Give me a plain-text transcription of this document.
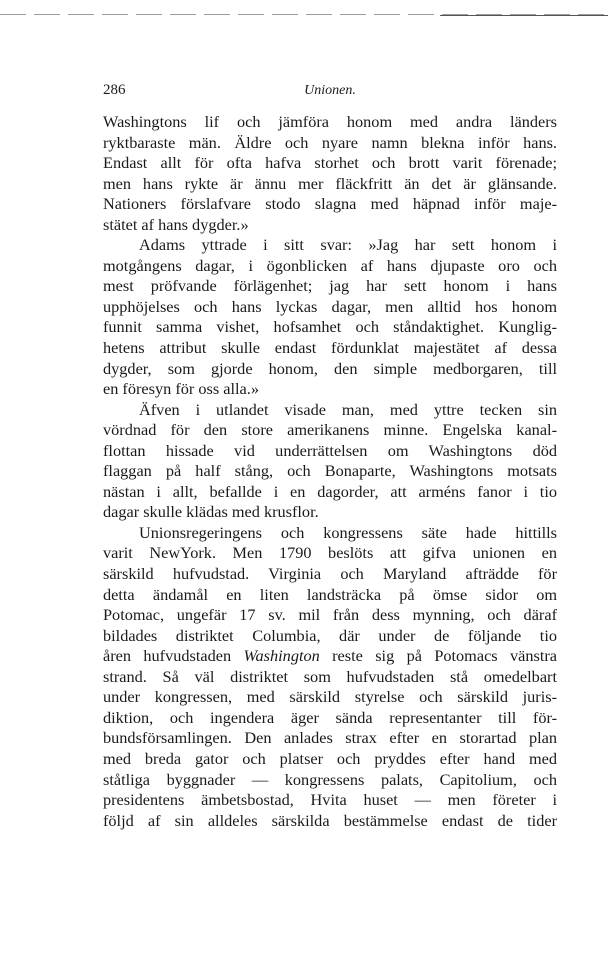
286	Unionen.
Washingtons lif och jämföra honom med andra länders
ryktbaraste män. Äldre och nyare namn blekna inför hans.
Endast allt för ofta hafva storhet och brott varit förenade;
men hans rykte är ännu mer fläckfritt än det är glänsande.
Nationers förslafvare stodo slagna med häpnad inför maje-
stätet af hans dygder.»
Adams yttrade i sitt svar: »Jag har sett honom i
motgångens dagar, i ögonblicken af hans djupaste oro och
mest pröfvande förlägenhet; jag har sett honom i hans
upphöjelses och hans lyckas dagar, men alltid hos honom
funnit samma vishet, hofsamhet och ståndaktighet. Kunglig-
hetens attribut skulle endast fördunklat majestätet af dessa
dygder, som gjorde honom, den simple medborgaren, till
en föresyn för oss alla.»
Äfven i utlandet visade man, med yttre tecken sin
vördnad för den store amerikanens minne. Engelska kanal-
flottan hissade vid underrättelsen om Washingtons död
flaggan på half stång, och Bonaparte, Washingtons motsats
nästan i allt, befallde i en dagorder, att arméns fanor i tio
dagar skulle klädas med krusflor.
Unionsregeringens och kongressens säte hade hittills
varit NewYork. Men 1790 beslöts att gifva unionen en
särskild hufvudstad. Virginia och Maryland afträdde för
detta ändamål en liten landsträcka på ömse sidor om
Potomac, ungefär 17 sv. mil från dess mynning, och däraf
bildades distriktet Columbia, där under de följande tio
åren hufvudstaden Washington reste sig på Potomacs vänstra
strand. Så väl distriktet som hufvudstaden stå omedelbart
under kongressen, med särskild styrelse och särskild juris-
diktion, och ingendera äger sända representanter till för-
bundsförsamlingen. Den anlades strax efter en storartad plan
med breda gator och platser och pryddes efter hand med
ståtliga byggnader — kongressens palats, Capitolium, och
presidentens ämbetsbostad, Hvita huset — men företer i
följd af sin alldeles särskilda bestämmelse endast de tider
